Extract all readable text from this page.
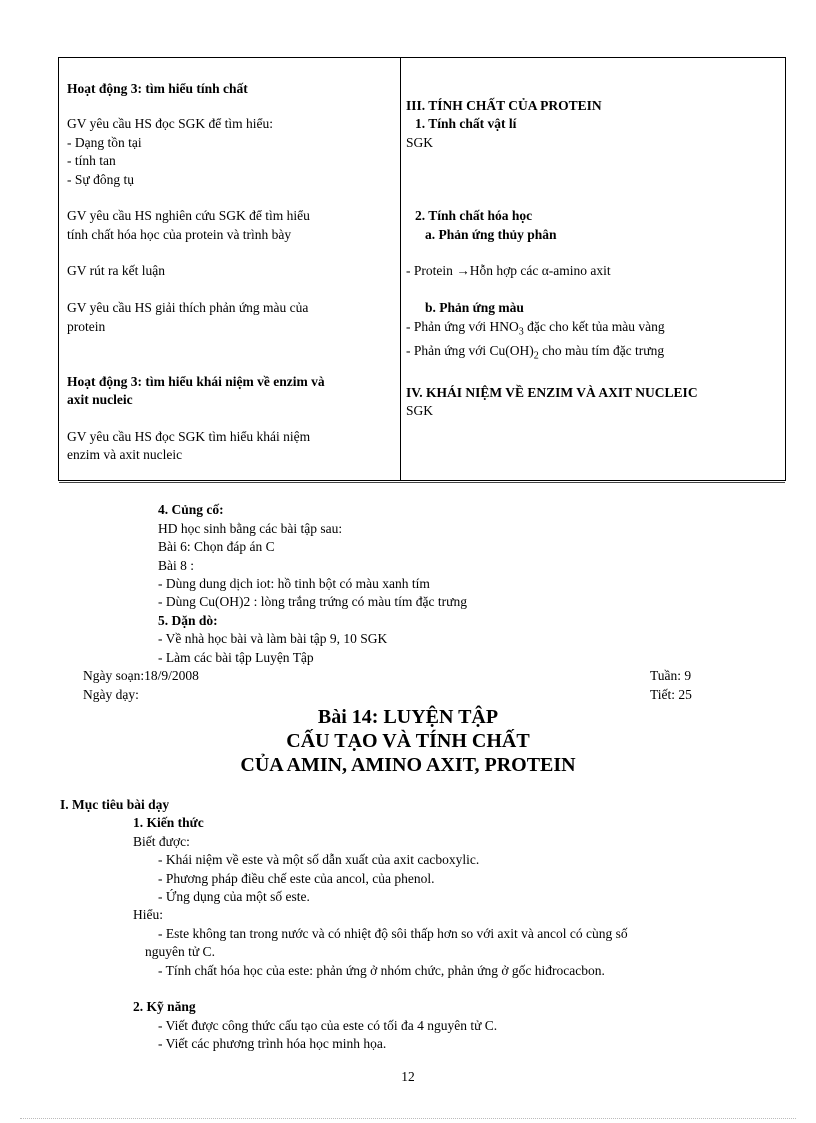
Hoạt động 3: tìm hiểu tính chất
GV yêu cầu HS đọc SGK để tìm hiểu:
- Dạng tồn tại
- tính tan
- Sự đông tụ
GV yêu cầu HS nghiên cứu SGK để tìm hiểu
tính chất hóa học của protein và trình bày
GV rút ra kết luận
GV yêu cầu HS giải thích phản ứng màu của
protein
Hoạt động 3: tìm hiểu khái niệm về enzim và
axit nucleic
GV yêu cầu HS đọc SGK tìm hiểu khái niệm
enzim và axit nucleic
III. TÍNH CHẤT CỦA PROTEIN
1. Tính chất vật lí
SGK
2. Tính chất hóa học
a. Phản ứng thủy phân
- Protein →Hỗn hợp các α-amino axit
b. Phản ứng màu
- Phản ứng với $HNO_3$ đặc cho kết tủa màu vàng
- Phản ứng với $Cu(OH)_2$ cho màu tím đặc trưng
IV. KHÁI NIỆM VỀ ENZIM VÀ AXIT NUCLEIC
SGK
4. Củng cố:
HD học sinh bằng các bài tập sau:
Bài 6: Chọn đáp án C
Bài 8 :
- Dùng dung dịch iot: hồ tinh bột có màu xanh tím
- Dùng Cu(OH)2 : lòng trắng trứng có màu tím đặc trưng
5. Dặn dò:
- Về nhà học bài và làm bài tập 9, 10 SGK
- Làm các bài tập Luyện Tập
Ngày soạn:18/9/2008	Tuần: 9
Ngày dạy:	Tiết: 25
Bài 14: LUYỆN TẬP
CẤU TẠO VÀ TÍNH CHẤT
CỦA AMIN, AMINO AXIT, PROTEIN
I. Mục tiêu bài dạy
1. Kiến thức
Biết được:
- Khái niệm về este và một số dẫn xuất của axit cacboxylic.
- Phương pháp điều chế este của ancol, của phenol.
- Ứng dụng của một số este.
Hiểu:
- Este không tan trong nước và có nhiệt độ sôi thấp hơn so với axit và ancol có cùng số
nguyên tử C.
- Tính chất hóa học của este: phản ứng ở nhóm chức, phản ứng ở gốc hiđrocacbon.
2. Kỹ năng
- Viết được công thức cấu tạo của este có tối đa 4 nguyên tử C.
- Viết các phương trình hóa học minh họa.
12
